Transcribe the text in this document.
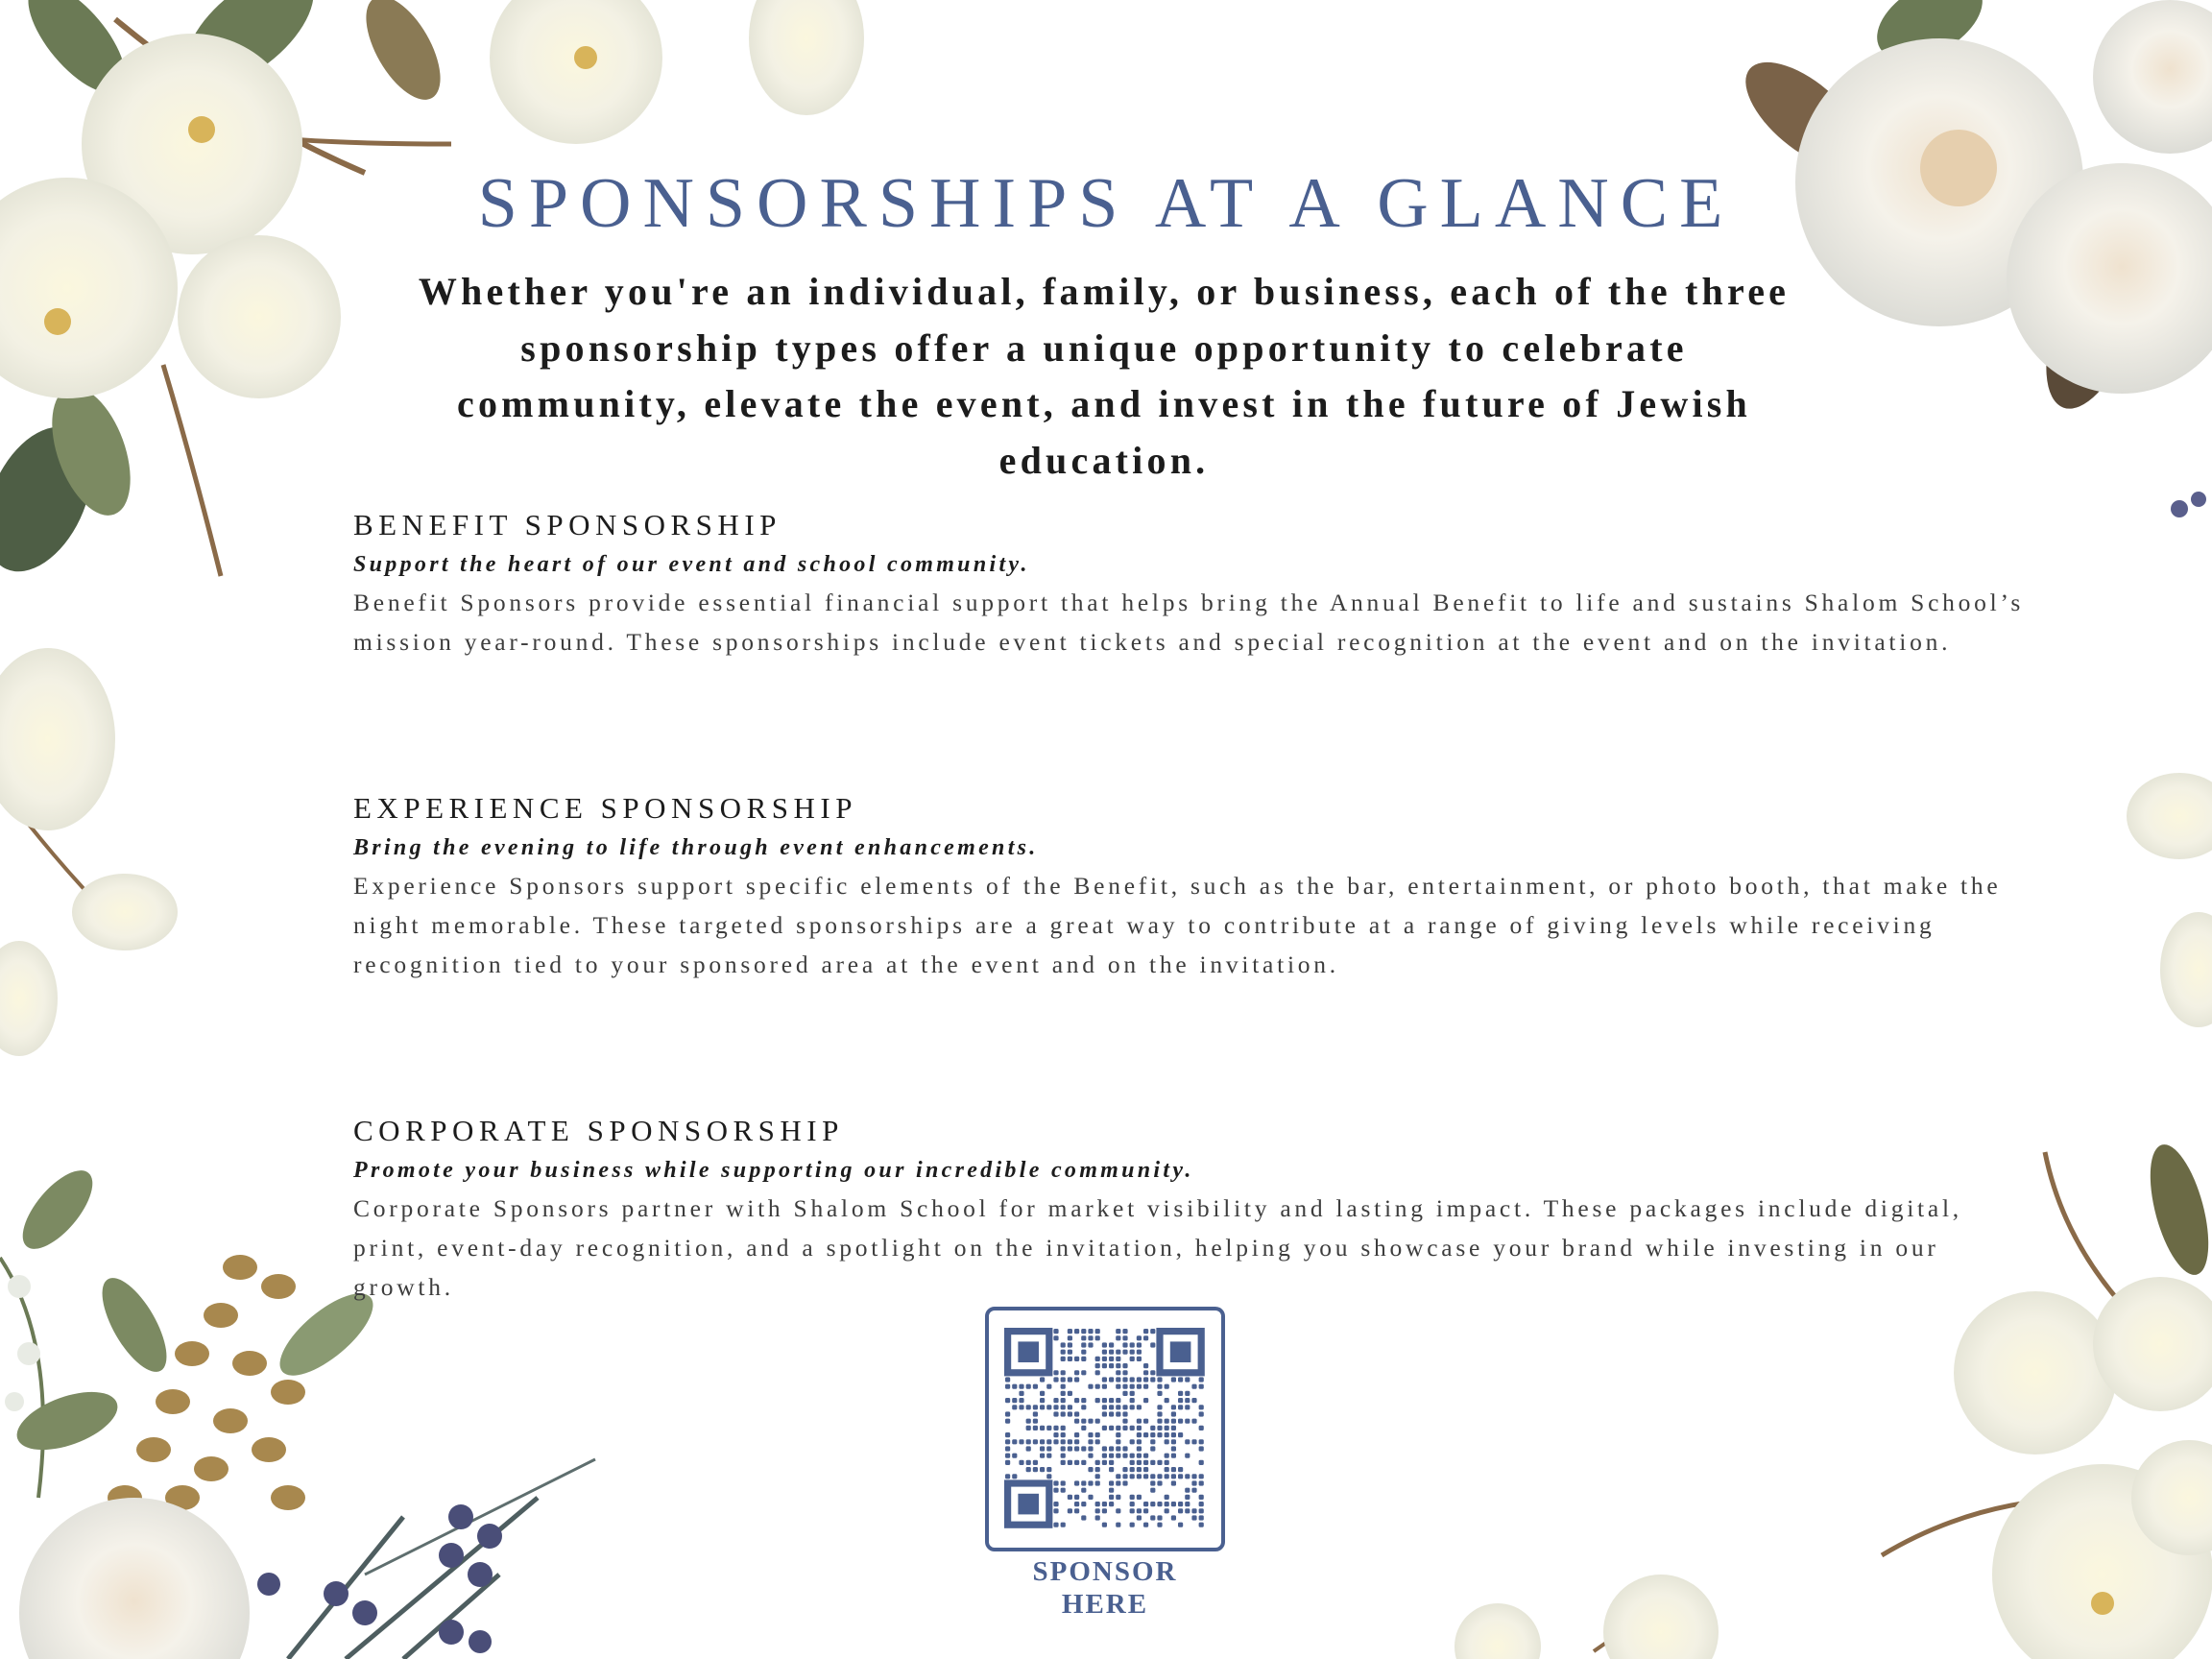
SPONSORSHIPS AT A GLANCE

Whether you're an individual, family, or business, each of the three sponsorship types offer a unique opportunity to celebrate community, elevate the event, and invest in the future of Jewish education.

BENEFIT SPONSORSHIP

Support the heart of our event and school community.

Benefit Sponsors provide essential financial support that helps bring the Annual Benefit to life and sustains Shalom School’s mission year-round. These sponsorships include event tickets and special recognition at the event and on the invitation.

EXPERIENCE SPONSORSHIP

Bring the evening to life through event enhancements.

Experience Sponsors support specific elements of the Benefit, such as the bar, entertainment, or photo booth, that make the night memorable. These targeted sponsorships are a great way to contribute at a range of giving levels while receiving recognition tied to your sponsored area at the event and on the invitation.

CORPORATE SPONSORSHIP

Promote your business while supporting our incredible community.

Corporate Sponsors partner with Shalom School for market visibility and lasting impact. These packages include digital, print, event-day recognition, and a spotlight on the invitation, helping you showcase your brand while investing in our growth.

SPONSOR HERE
